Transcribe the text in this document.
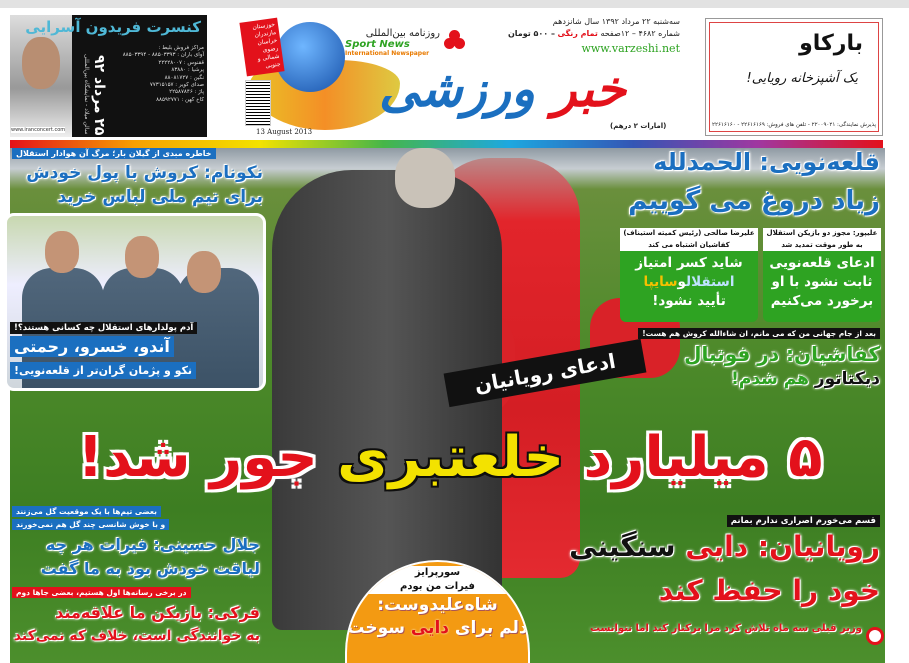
www.iranconcert.com
کنسرت فریدون آسرایی
۲۵ مرداد ۹۲
سالن میلاد - نمایشگاه بین‌المللی
مراکز فروش بلیط :
آوای باران : ۸۸۵۰۳۳۹۳ - ۸۸۵۰۳۳۹۴
ققنوس : ۲۲۲۲۸۰۰۷
پرشیا : ۸۳۸۸۰
نگین : ۸۸۰۸۱۷۲۷
صدای کویر : ۷۷۳۱۵۱۵۷
پاژ : ۲۲۵۸۷۸۴۶
کاخ کهن : ۸۸۵۹۲۷۷۱
خوزستان مازندران خراسان رضوی شمالی و جنوبی
13 August 2013
روزنامه بین‌المللی
Sport News
International Newspaper
سه‌شنبه ۲۲ مرداد ۱۳۹۲ سال شانزدهم
شماره ۴۶۸۲ – ۱۲صفحه تمام رنگی – ۵۰۰ تومان
www.varzeshi.net
خبر ورزشی
(امارات ۲ درهم)
بارکاو
یک آشپزخانه رویایی!
پذیرش نمایندگی: ۲۲۰۰۹۰۲۱ - تلفن های فروش: ۲۲۶۱۶۱۶۹ - ۲۲۶۱۶۱۶۰
خاطره مبدی از گیلان بار؛ مرگ آن هوادار استقلال
نکونام: کروش با پول خودش
برای تیم ملی لباس خرید
آدم پولدارهای استقلال چه کسانی هستند؟!
آندو، خسرو، رحمتی
نکو و پژمان گران‌تر از قلعه‌نویی!
قلعه‌نویی: الحمدلله
زیاد دروغ می گوییم
علیپور: مجوز دو بازیکن استقلال
به طور موقت تمدید شد
ادعای قلعه‌نویی
ثابت نشود با او
برخورد می‌کنیم
علیرضا صالحی (رئیس کمیته استیناف)
کفاشیان اشتباه می کند
شاید کسر امتیاز
استقلالوسایپا
تأیید نشود!
بعد از جام جهانی من که می مانم، ان شاءالله کروش هم هست!
کفاشیان: در فوتبال
دیکتاتور هم شدم!
ادعای رویانیان
۵ میلیارد خلعتبری جور شد!
بعضی تیم‌ها با یک موقعیت گل می‌زنند
و با خوش شانسی چند گل هم نمی‌خورند
جلال حسینی: فیرات هر چه
لیاقت خودش بود به ما گفت
در برخی رسانه‌ها اول هستیم، بعضی جاها دوم
فرکی: بازیکن ما علاقه‌مند
به خوانندگی است، خلاف که نمی‌کند
سورپرایز
فیرات من بودم
شاه‌علیدوست:
دلم برای دایی سوخت
قسم می‌خورم اصراری ندارم بمانم
رویانیان: دایی سنگینی
خود را حفظ کند
وزیر قبلی سه ماه تلاش کرد مرا برکنار کند اما نتوانست
